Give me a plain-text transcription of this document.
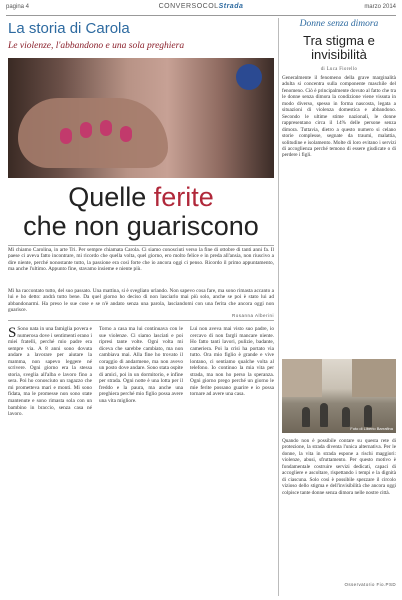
pagina 4	CONVERSOCOLStrada	marzo 2014
La storia di Carola
Le violenze, l'abbandono e una sola preghiera
Quelle ferite
che non guariscono
Mi chiamo Carolina, in arte Tri. Per sempre chiamata Carola. Ci siamo conosciuti verso la fine di ottobre di tanti anni fa. Il paese ci aveva fatto incontrare, mi ricordo che quella volta, quel giorno, ero molto felice e in preda all'ansia, non riuscivo a dire niente, perché nonostante tutto, la passione era così forte che io ancora oggi ci penso. Ricordo il primo appuntamento, ma anche l'ultimo. Appunto fine, stavamo insieme e niente più.
Mi ha raccontato tutto, del suo passato. Una mattina, si è svegliato urlando. Non sapevo cosa fare, ma sono rimasta accanto a lui e ho detto: andrà tutto bene. Da quel giorno ho deciso di non lasciarlo mai più solo, anche se poi è stato lui ad abbandonarmi. Ha preso le sue cose e se n'è andato senza una parola, lasciandomi con una ferita che ancora oggi non guarisce.
Rosanna Alberini
S Sono nata in una famiglia povera e numerosa dove i sentimenti erano i miei fratelli, perché mio padre era sempre via. A 8 anni sono dovuta andare a lavorare per aiutare la mamma, non sapevo leggere né scrivere. Ogni giorno era la stessa storia, sveglia all'alba e lavoro fino a sera. Poi ho conosciuto un ragazzo che mi prometteva mari e monti. Mi sono fidata, ma le promesse non sono state mantenute e sono rimasta sola con un bambino in braccio, senza casa né lavoro.
Torno a casa ma lui continuava con le sue violenze. Ci siamo lasciati e poi ripresi tante volte. Ogni volta mi diceva che sarebbe cambiato, ma non cambiava mai. Alla fine ho trovato il coraggio di andarmene, ma non avevo un posto dove andare. Sono stata ospite di amici, poi in un dormitorio, e infine per strada. Ogni notte è una lotta per il freddo e la paura, ma anche una preghiera perché mio figlio possa avere una vita migliore.
Lui non aveva mai visto suo padre, io cercavo di non fargli mancare niente. Ho fatto tanti lavori, pulizie, badante, cameriera. Poi la crisi ha portato via tutto. Ora mio figlio è grande e vive lontano, ci sentiamo qualche volta al telefono. Io continuo la mia vita per strada, ma non ho perso la speranza. Ogni giorno prego perché un giorno le mie ferite possano guarire e io possa tornare ad avere una casa.
Donne senza dimora
Tra stigma e invisibilità
di Luca Fiorello
Generalmente il fenomeno della grave marginalità adulta si concentra sulla componente maschile del fenomeno. Ciò è principalmente dovuto al fatto che tra le donne senza dimora la condizione viene vissuta in modo diverso, spesso in forma nascosta, legata a situazioni di violenza domestica e abbandono. Secondo le ultime stime nazionali, le donne rappresentano circa il 14% delle persone senza dimora. Tuttavia, dietro a questo numero si celano storie complesse, segnate da traumi, malattia, solitudine e isolamento. Molte di loro evitano i servizi di accoglienza perché temono di essere giudicate o di perdere i figli.
Foto di Liberio Barrafina
Quando non è possibile contare su questa rete di protezione, la strada diventa l'unica alternativa. Per le donne, la vita in strada espone a rischi maggiori: violenze, abusi, sfruttamento. Per questo motivo è fondamentale costruire servizi dedicati, capaci di accogliere e ascoltare, rispettando i tempi e la dignità di ciascuna. Solo così è possibile spezzare il circolo vizioso dello stigma e dell'invisibilità che ancora oggi colpisce tante donne senza dimora nelle nostre città.
Osservatorio Fio.PSD
